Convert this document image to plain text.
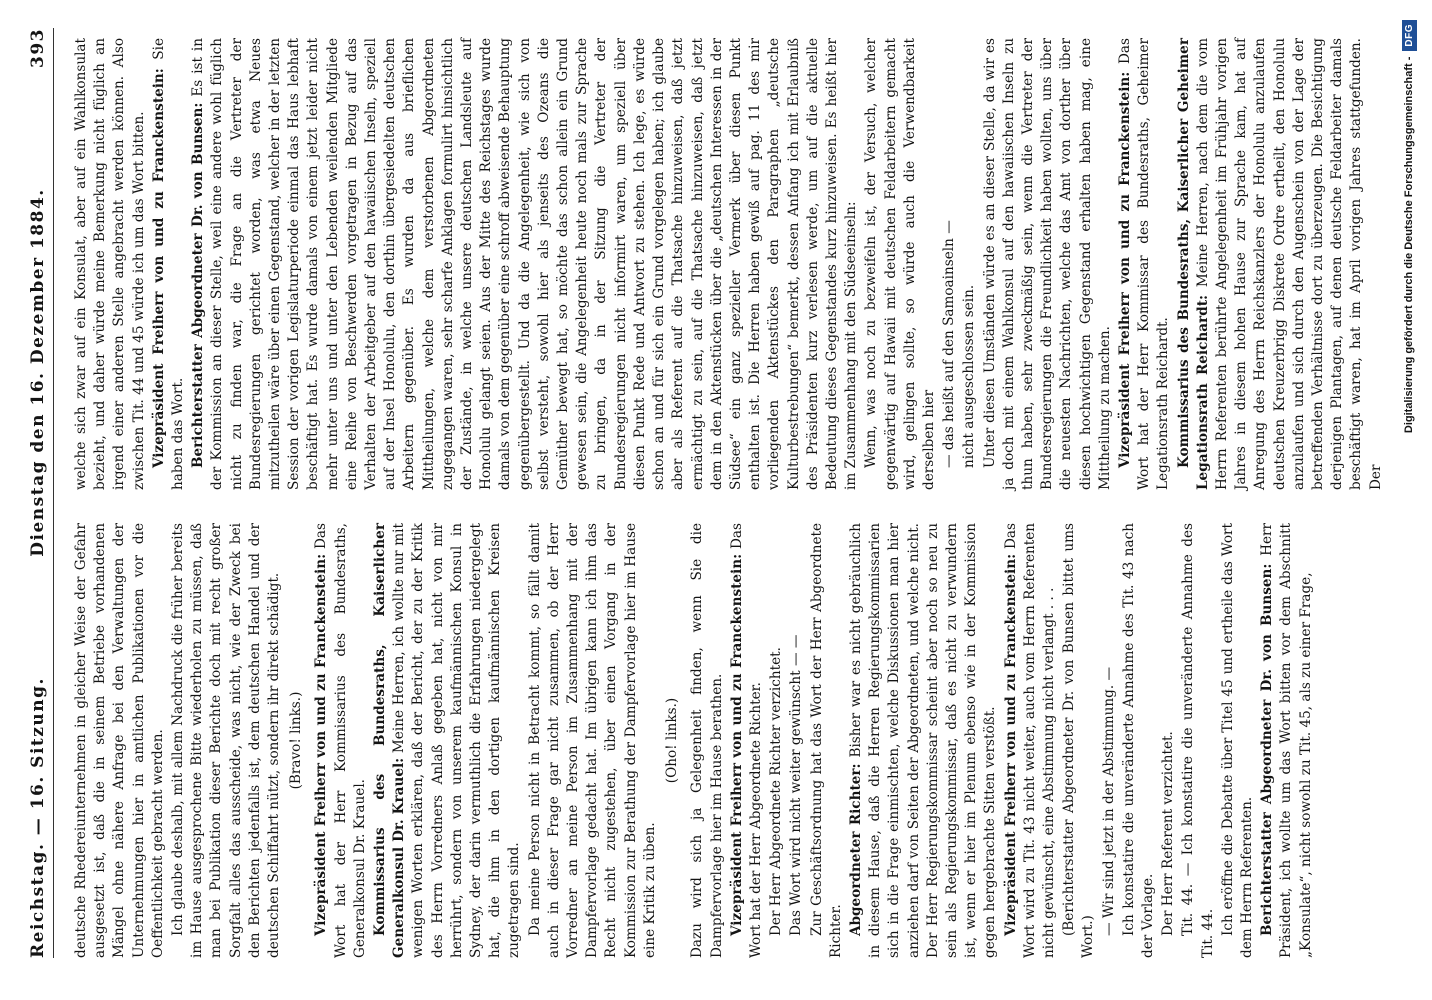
Reichstag. — 16. Sitzung.
Dienstag den 16. Dezember 1884.
393

deutsche Rhedereiunternehmen in gleicher Weise der Gefahr ausgesetzt ist, daß die in seinem Betriebe vorhandenen Mängel ohne nähere Anfrage bei den Verwaltungen der Unternehmungen hier in amtlichen Publikationen vor die Oeffentlichkeit gebracht werden. Ich glaube deshalb, mit allem Nachdruck die früher bereits im Hause ausgesprochene Bitte wiederholen zu müssen, daß man bei Publikation dieser Berichte doch mit recht großer Sorgfalt alles das ausscheide, was nicht, wie der Zweck bei den Berichten jedenfalls ist, dem deutschen Handel und der deutschen Schiffahrt nützt, sondern ihr direkt schädigt. (Bravo! links.) Vizepräsident Freiherr von und zu Franckenstein: Das Wort hat der Herr Kommissarius des Bundesraths, Generalkonsul Dr. Krauel. Kommissarius des Bundesraths, Kaiserlicher Generalkonsul Dr. Krauel: Meine Herren, ich wollte nur mit wenigen Worten erklären, daß der Bericht, der zu der Kritik des Herrn Vorredners Anlaß gegeben hat, nicht von mir herrührt, sondern von unserem kaufmännischen Konsul in Sydney, der darin vermuthlich die Erfahrungen niedergelegt hat, die ihm in den dortigen kaufmännischen Kreisen zugetragen sind. Da meine Person nicht in Betracht kommt, so fällt damit auch in dieser Frage gar nicht zusammen, ob der Herr Vorredner an meine Person im Zusammenhang mit der Dampfervorlage gedacht hat. Im übrigen kann ich ihm das Recht nicht zugestehen, über einen Vorgang in der Kommission zur Berathung der Dampfervorlage hier im Hause eine Kritik zu üben.

(Oho! links.) Dazu wird sich ja Gelegenheit finden, wenn Sie die Dampfervorlage hier im Hause berathen. Vizepräsident Freiherr von und zu Franckenstein: Das Wort hat der Herr Abgeordnete Richter. Der Herr Abgeordnete Richter verzichtet. Das Wort wird nicht weiter gewünscht — — Zur Geschäftsordnung hat das Wort der Herr Abgeordnete Richter. Abgeordneter Richter: Bisher war es nicht gebräuchlich in diesem Hause, daß die Herren Regierungskommissarien sich in die Frage einmischten, welche Diskussionen man hier anziehen darf von Seiten der Abgeordneten, und welche nicht. Der Herr Regierungskommissar scheint aber noch so neu zu sein als Regierungskommissar, daß es nicht zu verwundern ist, wenn er hier im Plenum ebenso wie in der Kommission gegen hergebrachte Sitten verstößt. Vizepräsident Freiherr von und zu Franckenstein: Das Wort wird zu Tit. 43 nicht weiter, auch vom Herrn Referenten nicht gewünscht, eine Abstimmung nicht verlangt . . . (Berichterstatter Abgeordneter Dr. von Bunsen bittet ums Wort.)

— Wir sind jetzt in der Abstimmung. — Ich konstatire die unveränderte Annahme des Tit. 43 nach der Vorlage. Der Herr Referent verzichtet. Tit. 44. — Ich konstatire die unveränderte Annahme des Tit. 44. Ich eröffne die Debatte über Titel 45 und ertheile das Wort dem Herrn Referenten. Berichterstatter Abgeordneter Dr. von Bunsen: Herr Präsident, ich wollte um das Wort bitten vor dem Abschnitt „Konsulate“, nicht sowohl zu Tit. 45, als zu einer Frage,

welche sich zwar auf ein Konsulat, aber auf ein Wahlkonsulat bezieht, und daher würde meine Bemerkung nicht füglich an irgend einer anderen Stelle angebracht werden können. Also zwischen Tit. 44 und 45 würde ich um das Wort bitten. Vizepräsident Freiherr von und zu Franckenstein: Sie haben das Wort. Berichterstatter Abgeordneter Dr. von Bunsen: Es ist in der Kommission an dieser Stelle, weil eine andere wohl füglich nicht zu finden war, die Frage an die Vertreter der Bundesregierungen gerichtet worden, was etwa Neues mitzutheilen wäre über einen Gegenstand, welcher in der letzten Session der vorigen Legislaturperiode einmal das Haus lebhaft beschäftigt hat. Es wurde damals von einem jetzt leider nicht mehr unter uns und unter den Lebenden weilenden Mitgliede eine Reihe von Beschwerden vorgetragen in Bezug auf das Verhalten der Arbeitgeber auf den hawaiischen Inseln, speziell auf der Insel Honolulu, den dorthin übergesiedelten deutschen Arbeitern gegenüber. Es wurden da aus brieflichen Mittheilungen, welche dem verstorbenen Abgeordneten zugegangen waren, sehr scharfe Anklagen formulirt hinsichtlich der Zustände, in welche unsere deutschen Landsleute auf Honolulu gelangt seien. Aus der Mitte des Reichstages wurde damals von dem gegenüber eine schroff abweisende Behauptung gegenübergestellt. Und da die Angelegenheit, wie sich von selbst versteht, sowohl hier als jenseits des Ozeans die Gemüther bewegt hat, so möchte das schon allein ein Grund gewesen sein, die Angelegenheit heute noch mals zur Sprache zu bringen, da in der Sitzung die Vertreter der Bundesregierungen nicht informirt waren, um speziell über diesen Punkt Rede und Antwort zu stehen. Ich lege, es würde schon an und für sich ein Grund vorgelegen haben; ich glaube aber als Referent auf die Thatsache hinzuweisen, daß jetzt ermächtigt zu sein, auf die Thatsache hinzuweisen, daß jetzt dem in den Aktenstücken über die „deutschen Interessen in der Südsee“ ein ganz spezieller Vermerk über diesen Punkt enthalten ist. Die Herren haben gewiß auf pag. 11 des mir vorliegenden Aktenstückes den Paragraphen „deutsche Kulturbestrebungen“ bemerkt, dessen Anfang ich mit Erlaubniß des Präsidenten kurz verlesen werde, um auf die aktuelle Bedeutung dieses Gegenstandes kurz hinzuweisen. Es heißt hier im Zusammenhang mit den Südseeinseln: Wenn, was noch zu bezweifeln ist, der Versuch, welcher gegenwärtig auf Hawaii mit deutschen Feldarbeitern gemacht wird, gelingen sollte, so würde auch die Verwendbarkeit derselben hier — das heißt auf den Samoainseln — nicht ausgeschlossen sein. Unter diesen Umständen würde es an dieser Stelle, da wir es ja doch mit einem Wahlkonsul auf den hawaiischen Inseln zu thun haben, sehr zweckmäßig sein, wenn die Vertreter der Bundesregierungen die Freundlichkeit haben wollten, uns über die neuesten Nachrichten, welche das Amt von dorther über diesen hochwichtigen Gegenstand erhalten haben mag, eine Mittheilung zu machen. Vizepräsident Freiherr von und zu Franckenstein: Das Wort hat der Herr Kommissar des Bundesraths, Geheimer Legationsrath Reichardt. Kommissarius des Bundesraths, Kaiserlicher Geheimer Legationsrath Reichardt: Meine Herren, nach dem die vom Herrn Referenten berührte Angelegenheit im Frühjahr vorigen Jahres in diesem hohen Hause zur Sprache kam, hat auf Anregung des Herrn Reichskanzlers der Honolulu anzulaufen deutschen Kreuzerbrigg Diskrete Ordre ertheilt, den Honolulu anzulaufen und sich durch den Augenschein von der Lage der betreffenden Verhältnisse dort zu überzeugen. Die Besichtigung derjenigen Plantagen, auf denen deutsche Feldarbeiter damals beschäftigt waren, hat im April vorigen Jahres stattgefunden. Der

Digitalisierung gefördert durch die Deutsche Forschungsgemeinschaft -
DFG
